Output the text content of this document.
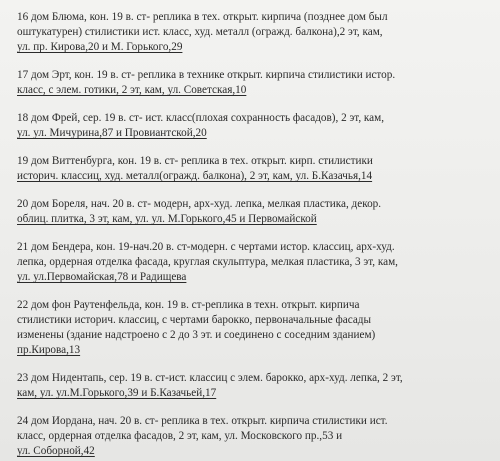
16 дом Блюма, кон. 19 в. ст- реплика в тех. открыт. кирпича (позднее дом был
оштукатурен) стилистики ист. класс, худ. металл (огражд. балкона),2 эт, кам,
ул. пр. Кирова,20 и М. Горького,29
17 дом Эрт, кон. 19 в. ст- реплика в технике открыт. кирпича стилистики истор.
класс, с элем. готики, 2 эт, кам, ул. Советская,10
18 дом Фрей, сер. 19 в. ст- ист. класс(плохая сохранность фасадов), 2 эт, кам,
ул. ул. Мичурина,87 и Провиантской,20
19 дом Виттенбурга, кон. 19 в. ст- реплика в тех. открыт. кирп. стилистики
историч. классиц, худ. металл(огражд. балкона), 2 эт, кам, ул. Б.Казачья,14
20 дом Бореля, нач. 20 в. ст- модерн, арх-худ. лепка, мелкая пластика, декор.
облиц. плитка, 3 эт, кам, ул. ул. М.Горького,45 и Первомайской
21 дом Бендера, кон. 19-нач.20 в. ст-модерн. с чертами истор. классиц, арх-худ.
лепка, ордерная отделка фасада, круглая скульптура, мелкая пластика, 3 эт, кам,
ул. ул.Первомайская,78 и Радищева
22 дом фон Раутенфельда, кон. 19 в. ст-реплика в техн. открыт. кирпича
стилистики историч. классиц, с чертами барокко, первоначальные фасады
изменены (здание надстроено с 2 до 3 эт. и соединено с соседним зданием)
пр.Кирова,13
23 дом Нидентапь, сер. 19 в. ст-ист. классиц с элем. барокко, арх-худ. лепка, 2 эт,
кам, ул. ул.М.Горького,39 и Б.Казачьей,17
24 дом Иордана, нач. 20 в. ст- реплика в тех. открыт. кирпича стилистики ист.
класс, ордерная отделка фасадов, 2 эт, кам, ул. Московского пр.,53 и
ул. Соборной,42
